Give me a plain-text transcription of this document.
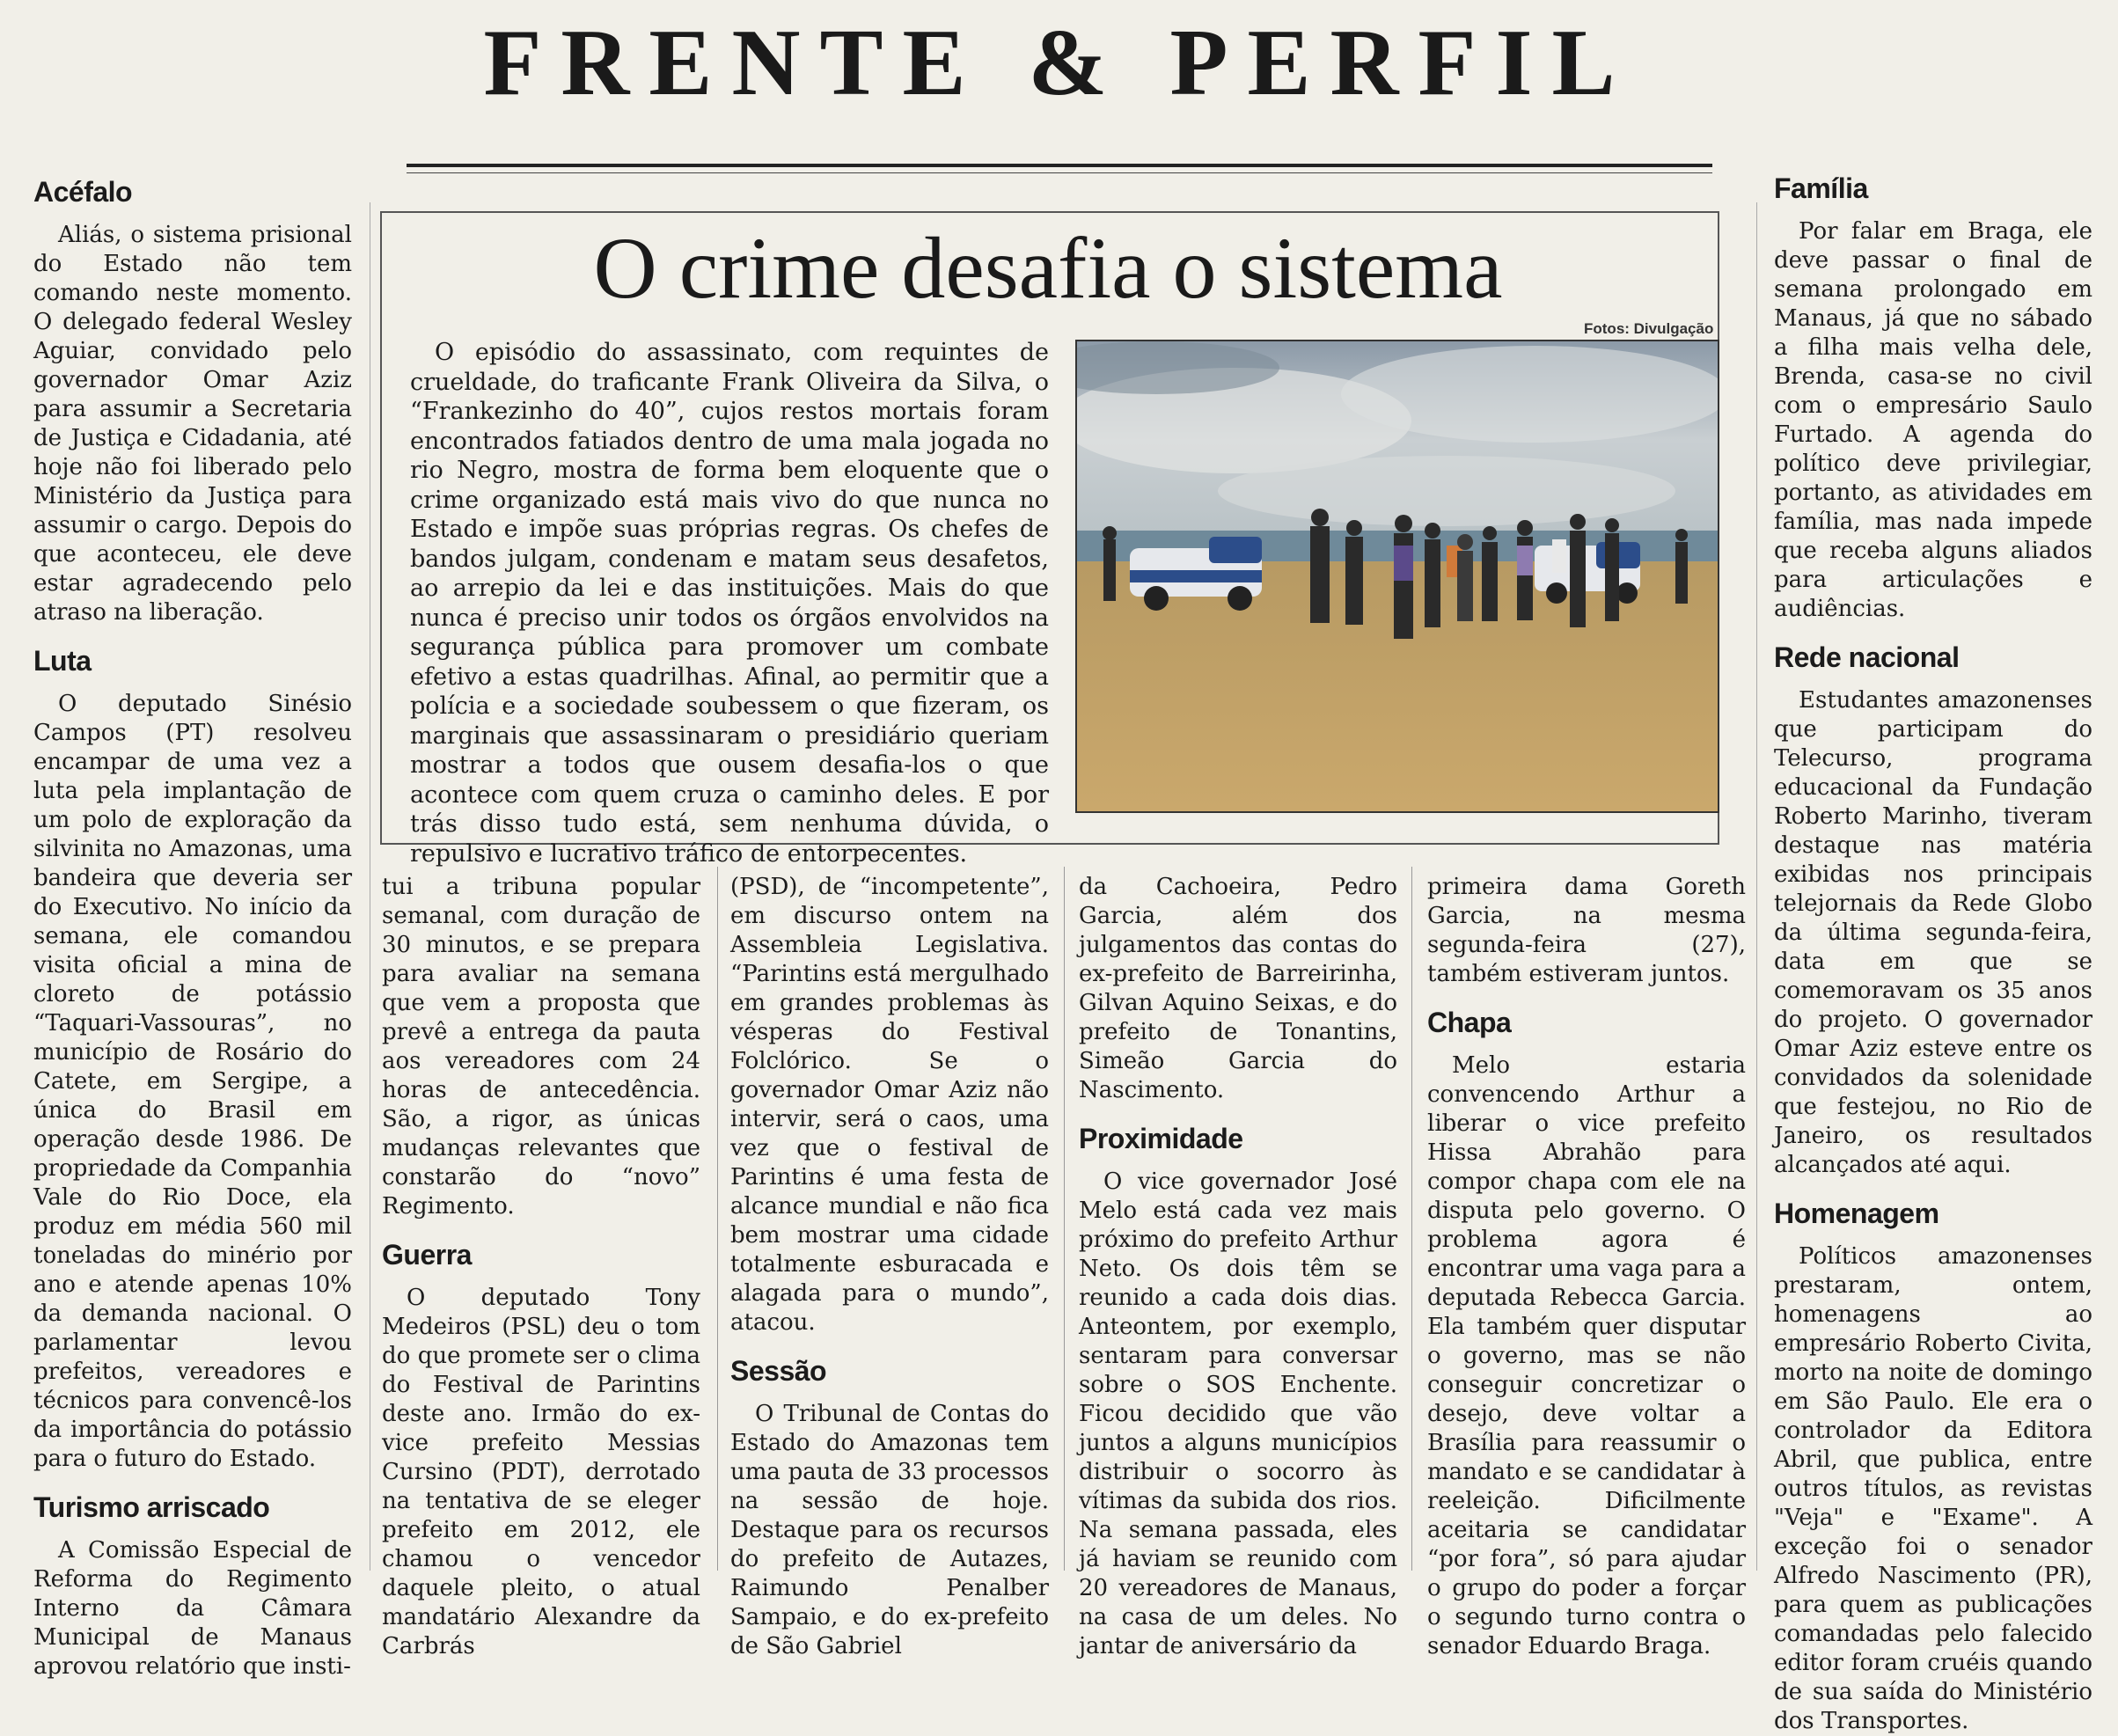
FRENTE & PERFIL
Acéfalo

Aliás, o sistema prisional do Estado não tem comando neste momento. O delegado federal Wesley Aguiar, convidado pelo governador Omar Aziz para assumir a Secretaria de Justiça e Cidadania, até hoje não foi liberado pelo Ministério da Justiça para assumir o cargo. Depois do que aconteceu, ele deve estar agradecendo pelo atraso na liberação.

Luta

O deputado Sinésio Campos (PT) resolveu encampar de uma vez a luta pela implantação de um polo de exploração da silvinita no Amazonas, uma bandeira que deveria ser do Executivo. No início da semana, ele comandou visita oficial a mina de cloreto de potássio “Taquari-Vassouras”, no município de Rosário do Catete, em Sergipe, a única do Brasil em operação desde 1986. De propriedade da Companhia Vale do Rio Doce, ela produz em média 560 mil toneladas do minério por ano e atende apenas 10% da demanda nacional. O parlamentar levou prefeitos, vereadores e técnicos para convencê-los da importância do potássio para o futuro do Estado.

Turismo arriscado

A Comissão Especial de Reforma do Regimento Interno da Câmara Municipal de Manaus aprovou relatório que insti-

O crime desafia o sistema
Fotos: Divulgação

O episódio do assassinato, com requintes de crueldade, do traficante Frank Oliveira da Silva, o “Frankezinho do 40”, cujos restos mortais foram encontrados fatiados dentro de uma mala jogada no rio Negro, mostra de forma bem eloquente que o crime organizado está mais vivo do que nunca no Estado e impõe suas próprias regras. Os chefes de bandos julgam, condenam e matam seus desafetos, ao arrepio da lei e das instituições. Mais do que nunca é preciso unir todos os órgãos envolvidos na segurança pública para promover um combate efetivo a estas quadrilhas. Afinal, ao permitir que a polícia e a sociedade soubessem o que fizeram, os marginais que assassinaram o presidiário queriam mostrar a todos que ousem desafia-los o que acontece com quem cruza o caminho deles. E por trás disso tudo está, sem nenhuma dúvida, o repulsivo e lucrativo tráfico de entorpecentes.

tui a tribuna popular semanal, com duração de 30 minutos, e se prepara para avaliar na semana que vem a proposta que prevê a entrega da pauta aos vereadores com 24 horas de antecedência. São, a rigor, as únicas mudanças relevantes que constarão do “novo” Regimento.

Guerra

O deputado Tony Medeiros (PSL) deu o tom do que promete ser o clima do Festival de Parintins deste ano. Irmão do ex-vice prefeito Messias Cursino (PDT), derrotado na tentativa de se eleger prefeito em 2012, ele chamou o vencedor daquele pleito, o atual mandatário Alexandre da Carbrás

(PSD), de “incompetente”, em discurso ontem na Assembleia Legislativa. “Parintins está mergulhado em grandes problemas às vésperas do Festival Folclórico. Se o governador Omar Aziz não intervir, será o caos, uma vez que o festival de Parintins é uma festa de alcance mundial e não fica bem mostrar uma cidade totalmente esburacada e alagada para o mundo”, atacou.

Sessão

O Tribunal de Contas do Estado do Amazonas tem uma pauta de 33 processos na sessão de hoje. Destaque para os recursos do prefeito de Autazes, Raimundo Penalber Sampaio, e do ex-prefeito de São Gabriel

da Cachoeira, Pedro Garcia, além dos julgamentos das contas do ex-prefeito de Barreirinha, Gilvan Aquino Seixas, e do prefeito de Tonantins, Simeão Garcia do Nascimento.

Proximidade

O vice governador José Melo está cada vez mais próximo do prefeito Arthur Neto. Os dois têm se reunido a cada dois dias. Anteontem, por exemplo, sentaram para conversar sobre o SOS Enchente. Ficou decidido que vão juntos a alguns municípios distribuir o socorro às vítimas da subida dos rios. Na semana passada, eles já haviam se reunido com 20 vereadores de Manaus, na casa de um deles. No jantar de aniversário da

primeira dama Goreth Garcia, na mesma segunda-feira (27), também estiveram juntos.

Chapa

Melo estaria convencendo Arthur a liberar o vice prefeito Hissa Abrahão para compor chapa com ele na disputa pelo governo. O problema agora é encontrar uma vaga para a deputada Rebecca Garcia. Ela também quer disputar o governo, mas se não conseguir concretizar o desejo, deve voltar a Brasília para reassumir o mandato e se candidatar à reeleição. Dificilmente aceitaria se candidatar “por fora”, só para ajudar o grupo do poder a forçar o segundo turno contra o senador Eduardo Braga.

Família

Por falar em Braga, ele deve passar o final de semana prolongado em Manaus, já que no sábado a filha mais velha dele, Brenda, casa-se no civil com o empresário Saulo Furtado. A agenda do político deve privilegiar, portanto, as atividades em família, mas nada impede que receba alguns aliados para articulações e audiências.

Rede nacional

Estudantes amazonenses que participam do Telecurso, programa educacional da Fundação Roberto Marinho, tiveram destaque nas matéria exibidas nos principais telejornais da Rede Globo da última segunda-feira, data em que se comemoravam os 35 anos do projeto. O governador Omar Aziz esteve entre os convidados da solenidade que festejou, no Rio de Janeiro, os resultados alcançados até aqui.

Homenagem

Políticos amazonenses prestaram, ontem, homenagens ao empresário Roberto Civita, morto na noite de domingo em São Paulo. Ele era o controlador da Editora Abril, que publica, entre outros títulos, as revistas "Veja" e "Exame". A exceção foi o senador Alfredo Nascimento (PR), para quem as publicações comandadas pelo falecido editor foram cruéis quando de sua saída do Ministério dos Transportes.
